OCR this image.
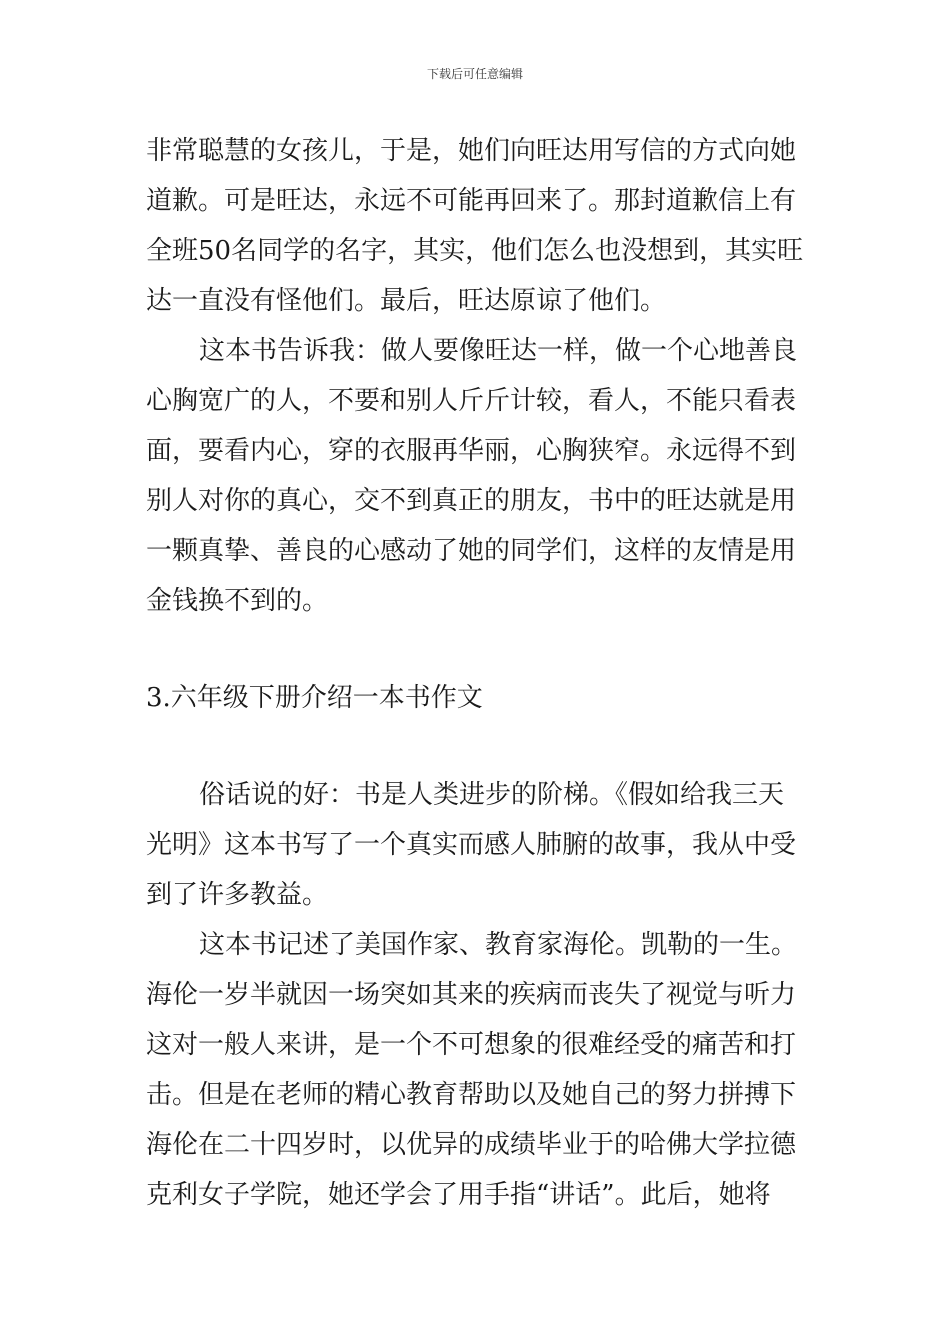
下载后可任意编辑
非常聪慧的女孩儿，于是，她们向旺达用写信的方式向她
道歉。可是旺达，永远不可能再回来了。那封道歉信上有
全班50名同学的名字，其实，他们怎么也没想到，其实旺
达一直没有怪他们。最后，旺达原谅了他们。
这本书告诉我：做人要像旺达一样，做一个心地善良
心胸宽广的人，不要和别人斤斤计较，看人，不能只看表
面，要看内心，穿的衣服再华丽，心胸狭窄。永远得不到
别人对你的真心，交不到真正的朋友，书中的旺达就是用
一颗真挚、善良的心感动了她的同学们，这样的友情是用
金钱换不到的。
3.六年级下册介绍一本书作文
俗话说的好：书是人类进步的阶梯。《假如给我三天
光明》这本书写了一个真实而感人肺腑的故事，我从中受
到了许多教益。
这本书记述了美国作家、教育家海伦。凯勒的一生。
海伦一岁半就因一场突如其来的疾病而丧失了视觉与听力
这对一般人来讲，是一个不可想象的很难经受的痛苦和打
击。但是在老师的精心教育帮助以及她自己的努力拼搏下
海伦在二十四岁时，以优异的成绩毕业于的哈佛大学拉德
克利女子学院，她还学会了用手指“讲话”。此后，她将
